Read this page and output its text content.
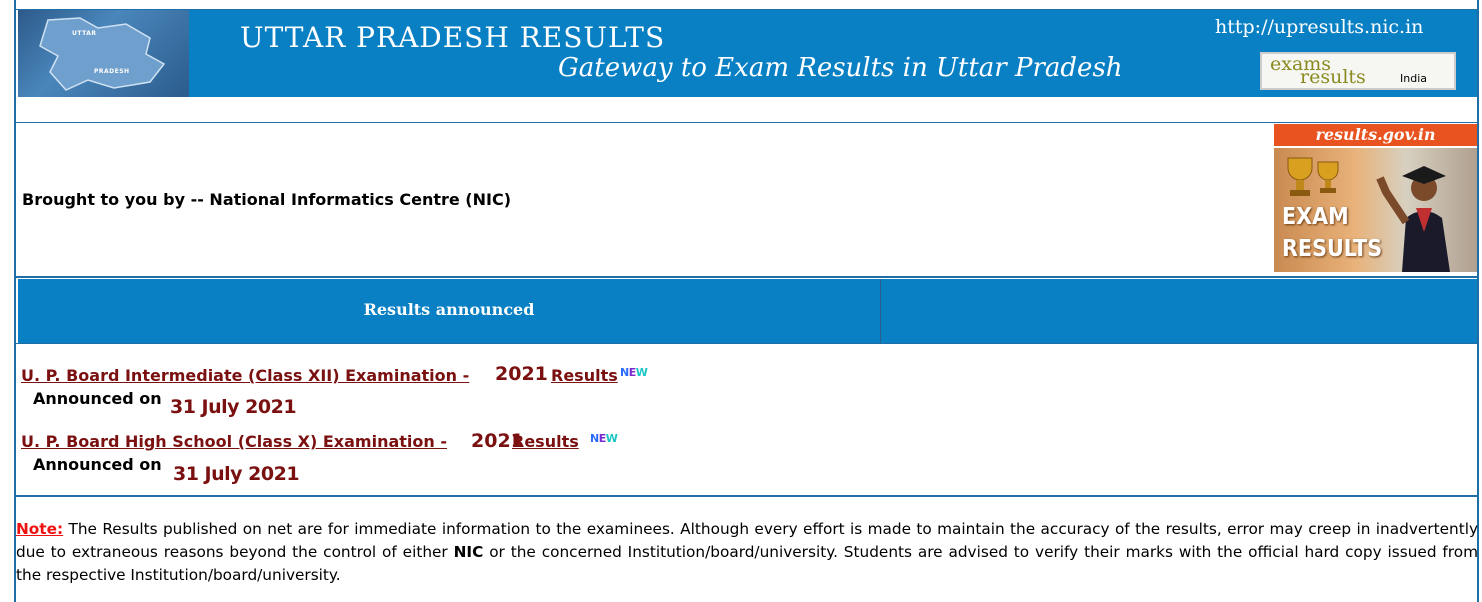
UTTAR
PRADESH
UTTAR PRADESH RESULTS
Gateway to Exam Results in Uttar Pradesh
http://upresults.nic.in
exams
results	India
Brought to you by -- National Informatics Centre (NIC)
results.gov.in
EXAM
RESULTS
Results announced
U. P. Board Intermediate (Class XII) Examination - 2021 Results NEW
Announced on 31 July 2021
U. P. Board High School (Class X) Examination - 2021
Results NEW
Announced on 31 July 2021
Note: The Results published on net are for immediate information to the examinees. Although every effort is made to maintain the accuracy of the results, error may creep in inadvertently due to extraneous reasons beyond the control of either NIC or the concerned Institution/board/university. Students are advised to verify their marks with the official hard copy issued from the respective Institution/board/university.
